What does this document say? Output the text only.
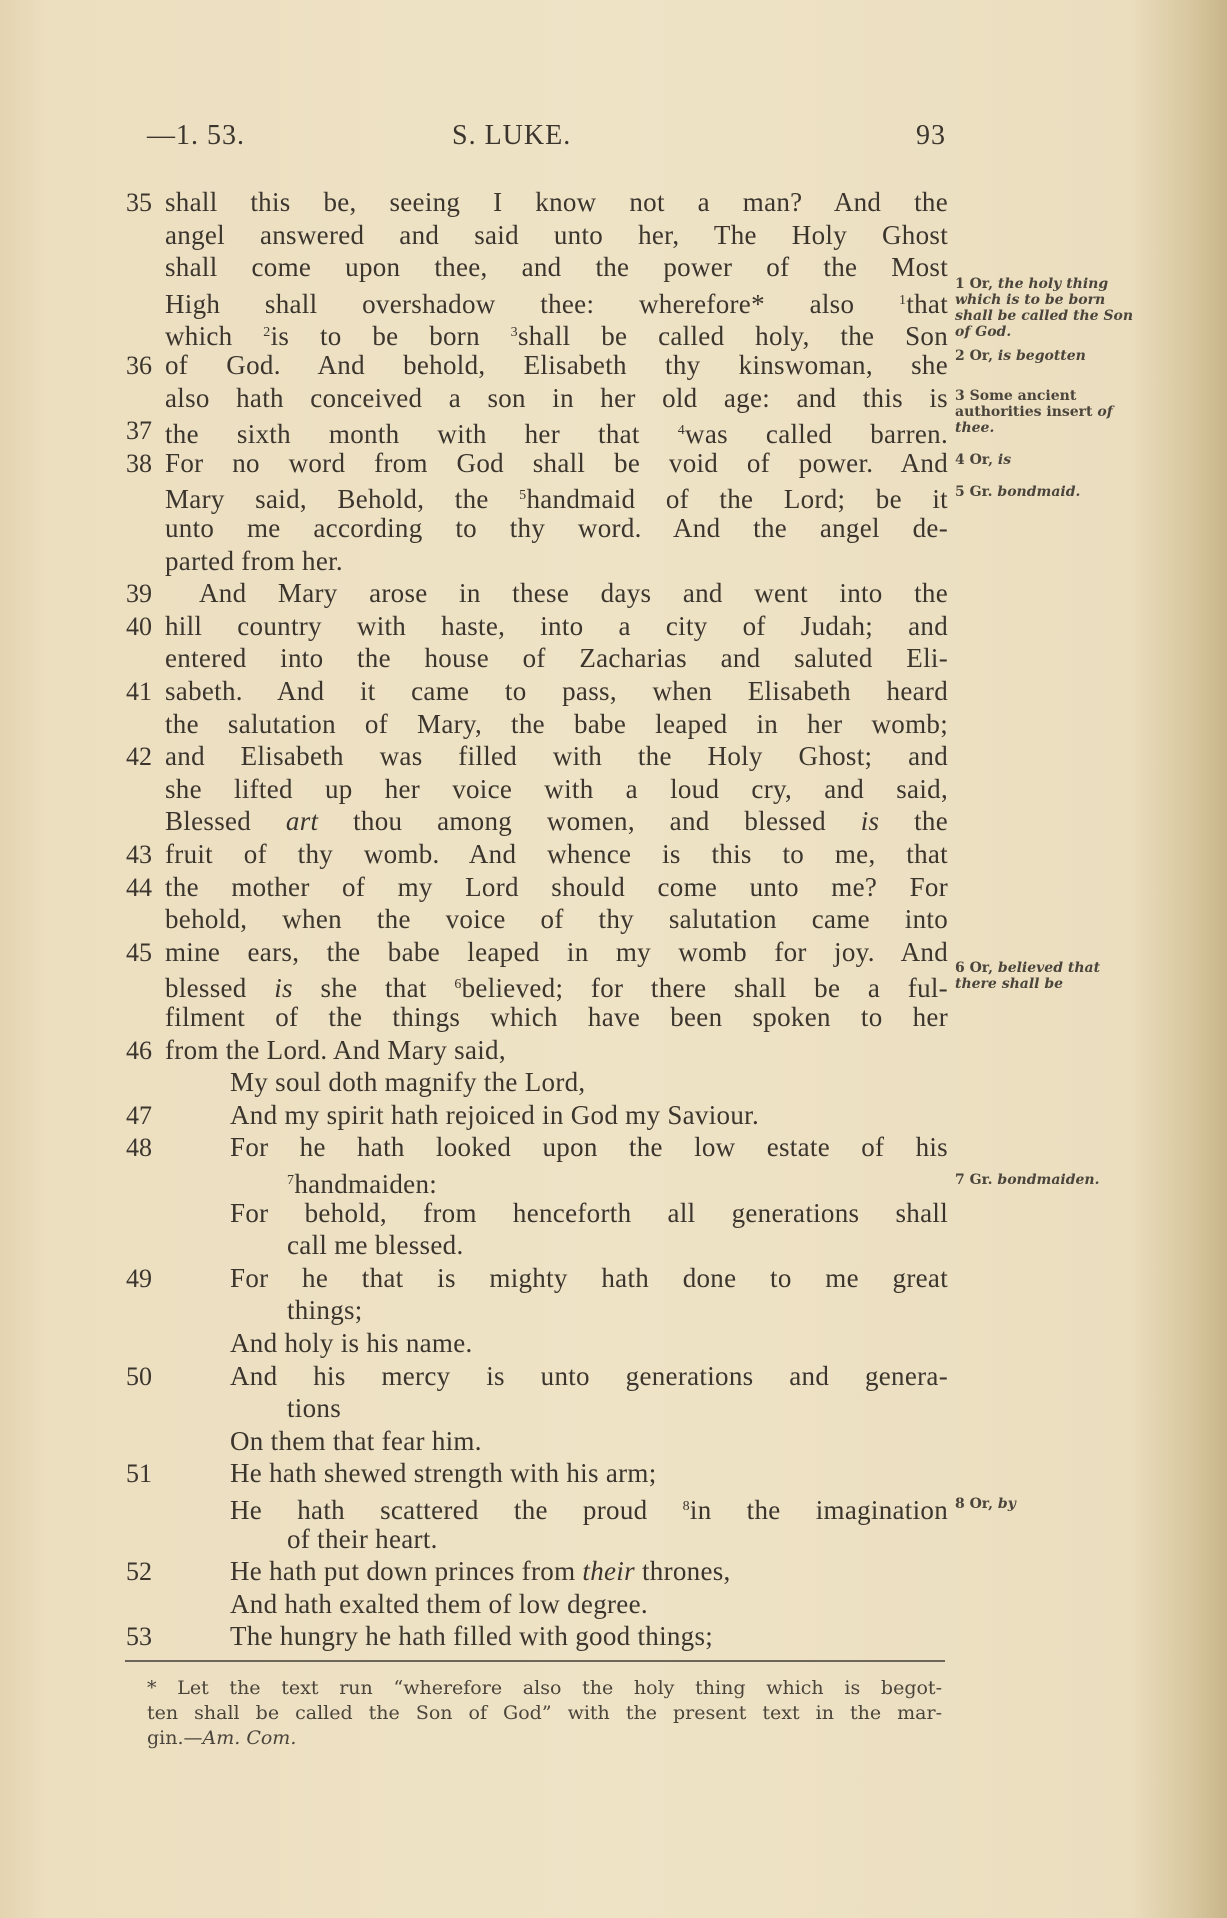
—1. 53.	S. LUKE.	93
35 shall this be, seeing I know not a man? And the
angel answered and said unto her, The Holy Ghost
shall come upon thee, and the power of the Most
High shall overshadow thee: wherefore* also $^1$that
which $^2$is to be born $^3$shall be called holy, the Son
36 of God. And behold, Elisabeth thy kinswoman, she
also hath conceived a son in her old age: and this is
37 the sixth month with her that $^4$was called barren.
38 For no word from God shall be void of power. And
Mary said, Behold, the $^5$handmaid of the Lord; be it
unto me according to thy word. And the angel de-
parted from her.
39 And Mary arose in these days and went into the
40 hill country with haste, into a city of Judah; and
entered into the house of Zacharias and saluted Eli-
41 sabeth. And it came to pass, when Elisabeth heard
the salutation of Mary, the babe leaped in her womb;
42 and Elisabeth was filled with the Holy Ghost; and
she lifted up her voice with a loud cry, and said,
Blessed art thou among women, and blessed is the
43 fruit of thy womb. And whence is this to me, that
44 the mother of my Lord should come unto me? For
behold, when the voice of thy salutation came into
45 mine ears, the babe leaped in my womb for joy. And
blessed is she that $^6$believed; for there shall be a ful-
filment of the things which have been spoken to her
46 from the Lord. And Mary said,
My soul doth magnify the Lord,
47	And my spirit hath rejoiced in God my Saviour.
48	For he hath looked upon the low estate of his
$^7$handmaiden:
For behold, from henceforth all generations shall
call me blessed.
49	For he that is mighty hath done to me great
things;
And holy is his name.
50	And his mercy is unto generations and genera-
tions
On them that fear him.
51	He hath shewed strength with his arm;
He hath scattered the proud $^8$in the imagination
of their heart.
52	He hath put down princes from their thrones,
And hath exalted them of low degree.
53	The hungry he hath filled with good things;
1 Or, the holy thing which is to be born shall be called the Son of God.
2 Or, is begotten
3 Some ancient authorities insert of thee.
4 Or, is
5 Gr. bondmaid.
6 Or, believed that there shall be
7 Gr. bondmaiden.
8 Or, by
* Let the text run “wherefore also the holy thing which is begot-
ten shall be called the Son of God” with the present text in the mar-
gin.—Am. Com.
